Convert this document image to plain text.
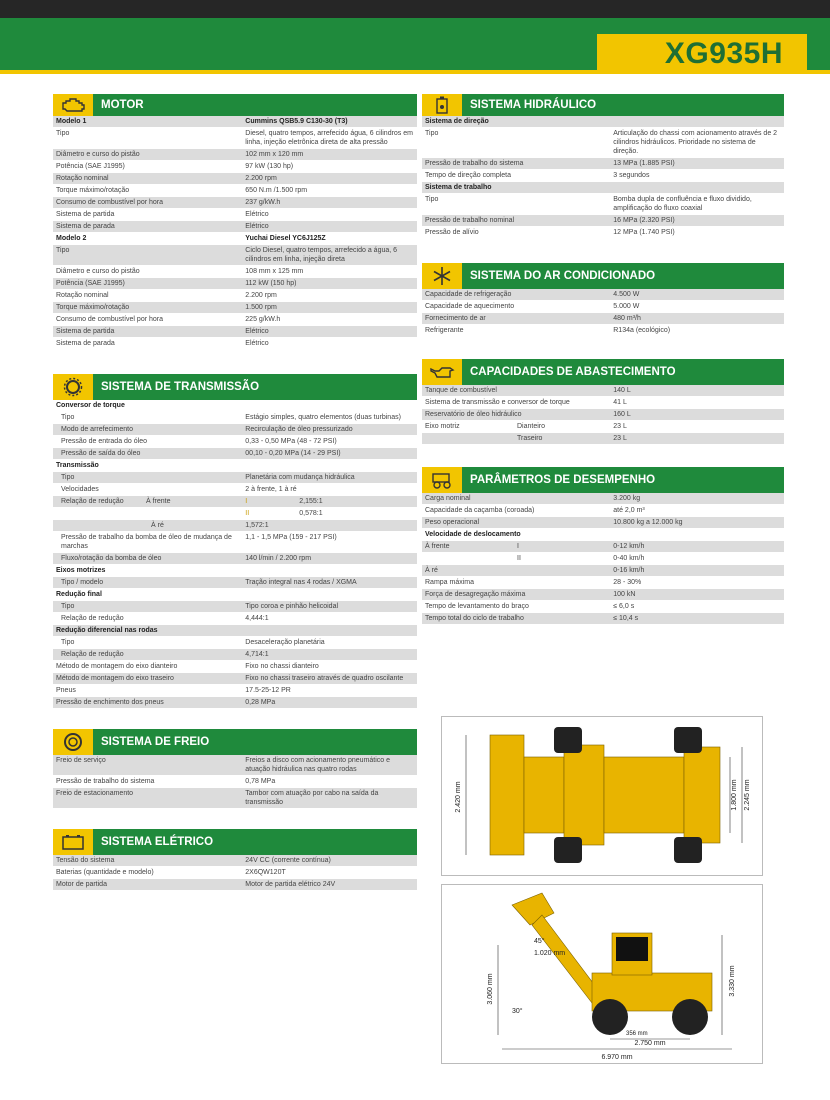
XG935H
MOTOR
Modelo 1	Cummins QSB5.9 C130-30 (T3)
Tipo	Diesel, quatro tempos, arrefecido água, 6 cilindros em linha, injeção eletrônica direta de alta pressão
Diâmetro e curso do pistão	102 mm x 120 mm
Potência (SAE J1995)	97 kW (130 hp)
Rotação nominal	2.200 rpm
Torque máximo/rotação	650 N.m /1.500 rpm
Consumo de combustível por hora	237 g/kW.h
Sistema de partida	Elétrico
Sistema de parada	Elétrico
Modelo 2	Yuchai Diesel YC6J125Z
Tipo	Ciclo Diesel, quatro tempos, arrefecido a água, 6 cilindros em linha, injeção direta
Diâmetro e curso do pistão	108 mm x 125 mm
Potência (SAE J1995)	112 kW (150 hp)
Rotação nominal	2.200 rpm
Torque máximo/rotação	1.500 rpm
Consumo de combustível por hora	225 g/kW.h
Sistema de partida	Elétrico
Sistema de parada	Elétrico
SISTEMA DE TRANSMISSÃO
Conversor de torque	
Tipo	Estágio simples, quatro elementos (duas turbinas)
Modo de arrefecimento	Recirculação de óleo pressurizado
Pressão de entrada do óleo	0,33 - 0,50 MPa (48 - 72 PSI)
Pressão de saída do óleo	00,10 - 0,20 MPa (14 - 29 PSI)
Transmissão	
Tipo	Planetária com mudança hidráulica
Velocidades	2 à frente, 1 à ré

Relação de redução À frente	I 2,155:1

	II 0,578:1

À ré	1,572:1
Pressão de trabalho da bomba de óleo de mudança de marchas	1,1 - 1,5 MPa (159 - 217 PSI)
Fluxo/rotação da bomba de óleo	140 l/min / 2.200 rpm
Eixos motrizes	
Tipo / modelo	Tração integral nas 4 rodas / XGMA
Redução final	
Tipo	Tipo coroa e pinhão helicoidal
Relação de redução	4,444:1
Redução diferencial nas rodas	
Tipo	Desaceleração planetária
Relação de redução	4,714:1
Método de montagem do eixo dianteiro	Fixo no chassi dianteiro
Método de montagem do eixo traseiro	Fixo no chassi traseiro através de quadro oscilante
Pneus	17.5-25-12 PR
Pressão de enchimento dos pneus	0,28 MPa
SISTEMA DE FREIO
Freio de serviço	Freios a disco com acionamento pneumático e atuação hidráulica nas quatro rodas
Pressão de trabalho do sistema	0,78 MPa
Freio de estacionamento	Tambor com atuação por cabo na saída da transmissão
SISTEMA ELÉTRICO
Tensão do sistema	24V CC (corrente contínua)
Baterias (quantidade e modelo)	2X6QW120T
Motor de partida	Motor de partida elétrico 24V
SISTEMA HIDRÁULICO
Sistema de direção	
Tipo	Articulação do chassi com acionamento através de 2 cilindros hidráulicos. Prioridade no sistema de direção.
Pressão de trabalho do sistema	13 MPa (1.885 PSI)
Tempo de direção completa	3 segundos
Sistema de trabalho	
Tipo	Bomba dupla de confluência e fluxo dividido, amplificação do fluxo coaxial
Pressão de trabalho nominal	16 MPa (2.320 PSI)
Pressão de alívio	12 MPa (1.740 PSI)
SISTEMA DO AR CONDICIONADO
Capacidade de refrigeração	4.500 W
Capacidade de aquecimento	5.000 W
Fornecimento de ar	480 m³/h
Refrigerante	R134a (ecológico)
CAPACIDADES DE ABASTECIMENTO
Tanque de combustível	140 L
Sistema de transmissão e conversor de torque	41 L
Reservatório de óleo hidráulico	160 L

Eixo motriz Dianteiro	23 L
Traseiro	23 L
PARÂMETROS DE DESEMPENHO
Carga nominal	3.200 kg
Capacidade da caçamba (coroada)	até 2,0 m³
Peso operacional	10.800 kg a 12.000 kg
Velocidade de deslocamento	

À frente I	0-12 km/h
II	0-40 km/h
À ré	0-16 km/h
Rampa máxima	28 - 30%
Força de desagregação máxima	100 kN
Tempo de levantamento do braço	≤ 6,0 s
Tempo total do ciclo de trabalho	≤ 10,4 s
2.420 mm	1.800 mm 2.245 mm
45°
1.020 mm
3.060 mm	3.330 mm
30°
356 mm
2.750 mm
6.970 mm
